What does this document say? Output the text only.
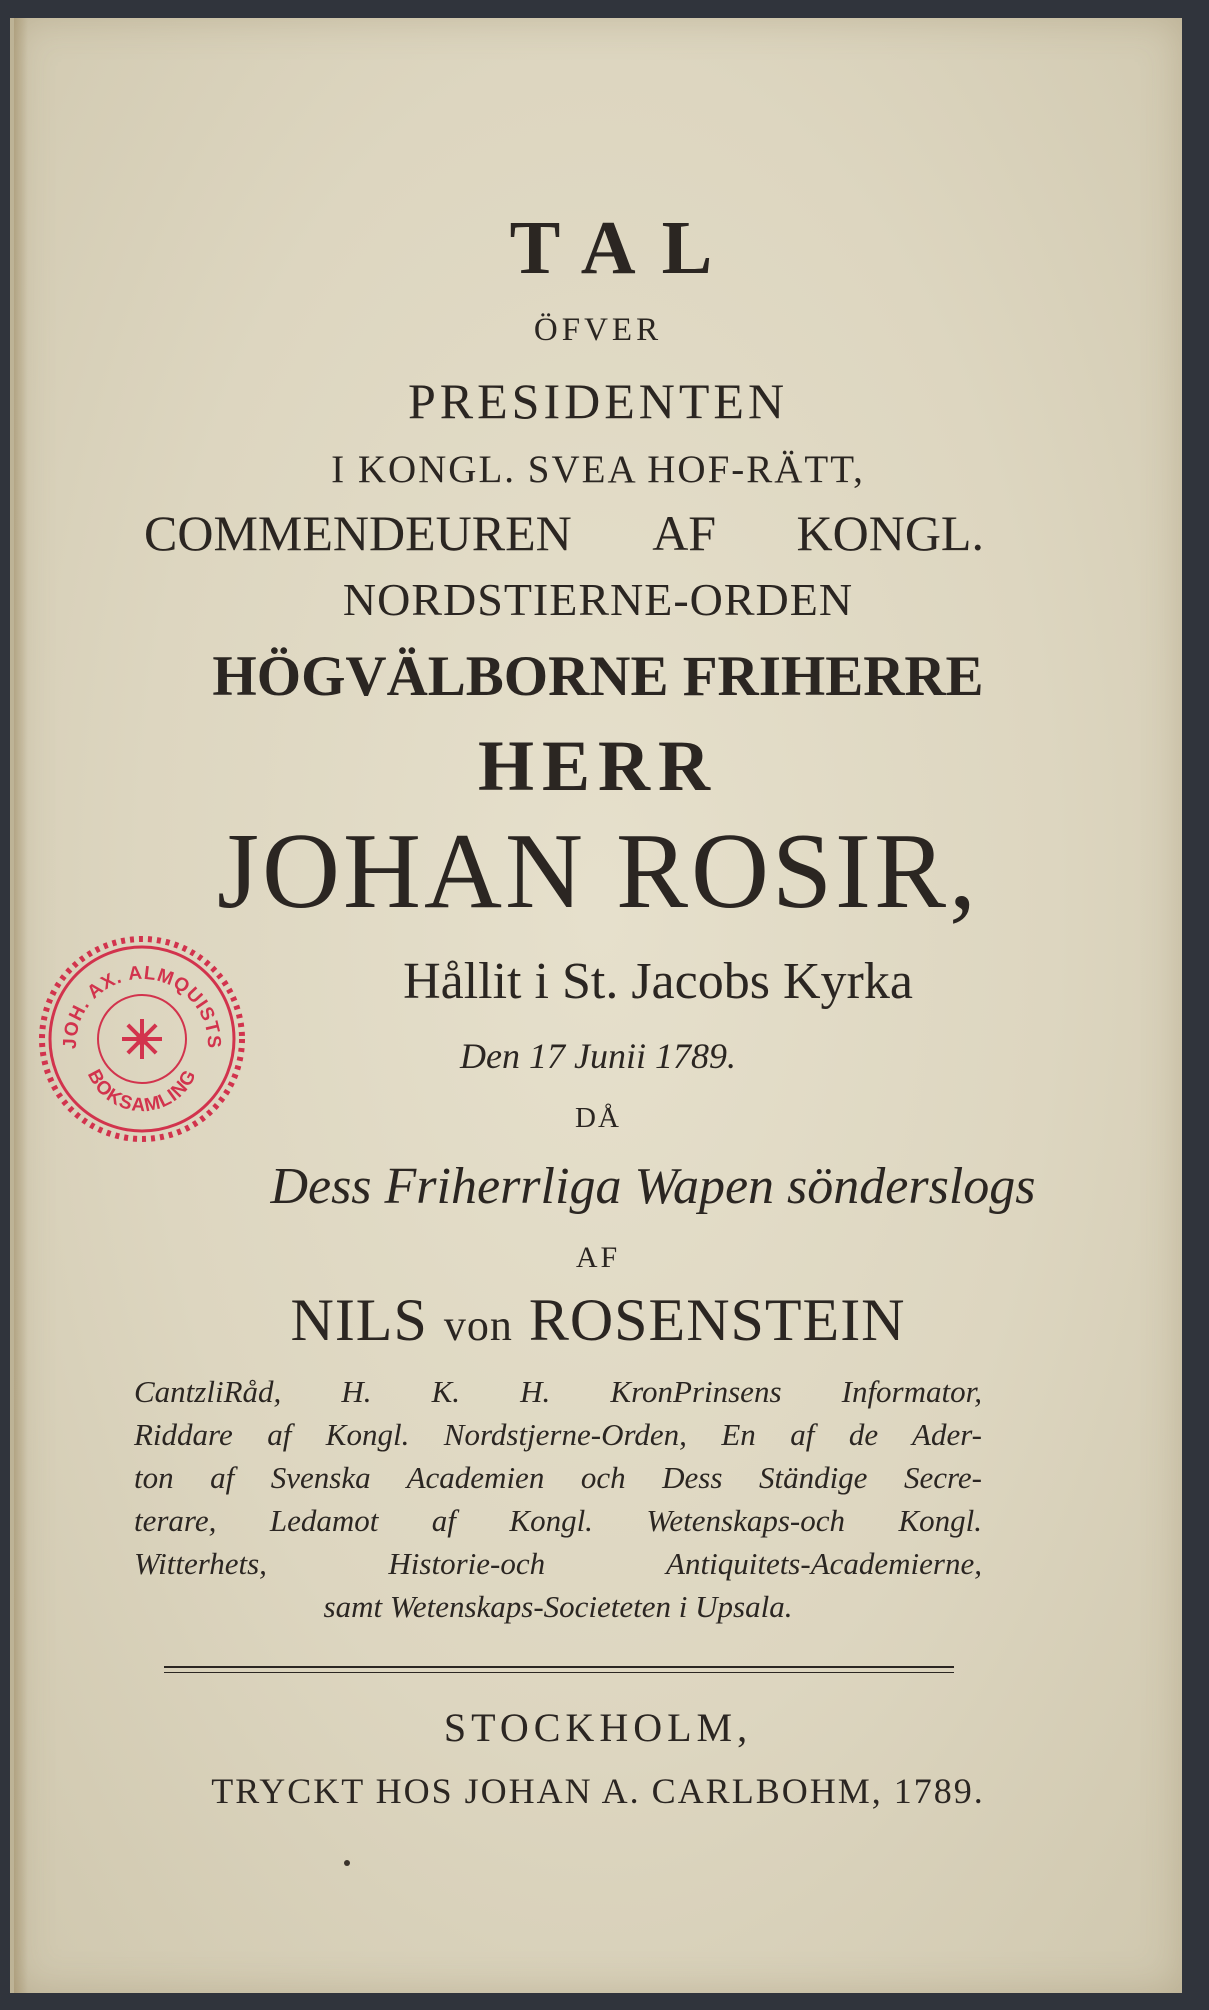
TAL
ÖFVER
PRESIDENTEN
I KONGL. SVEA HOF-RÄTT,
COMMENDEUREN AF KONGL.
NORDSTIERNE-ORDEN
HÖGVÄLBORNE FRIHERRE
HERR
JOHAN ROSIR,
Hållit i St. Jacobs Kyrka
Den 17 Junii 1789.
DÅ
Dess Friherrliga Wapen sönderslogs
AF
NILS von ROSENSTEIN
CantzliRåd, H. K. H. KronPrinsens Informator,
Riddare af Kongl. Nordstjerne-Orden, En af de Ader-
ton af Svenska Academien och Dess Ständige Secre-
terare, Ledamot af Kongl. Wetenskaps-och Kongl.
Witterhets, Historie-och Antiquitets-Academierne,
samt Wetenskaps-Societeten i Upsala.
STOCKHOLM,
TRYCKT HOS JOHAN A. CARLBOHM, 1789.
JOH. AX. ALMQUISTS
BOKSAMLING
